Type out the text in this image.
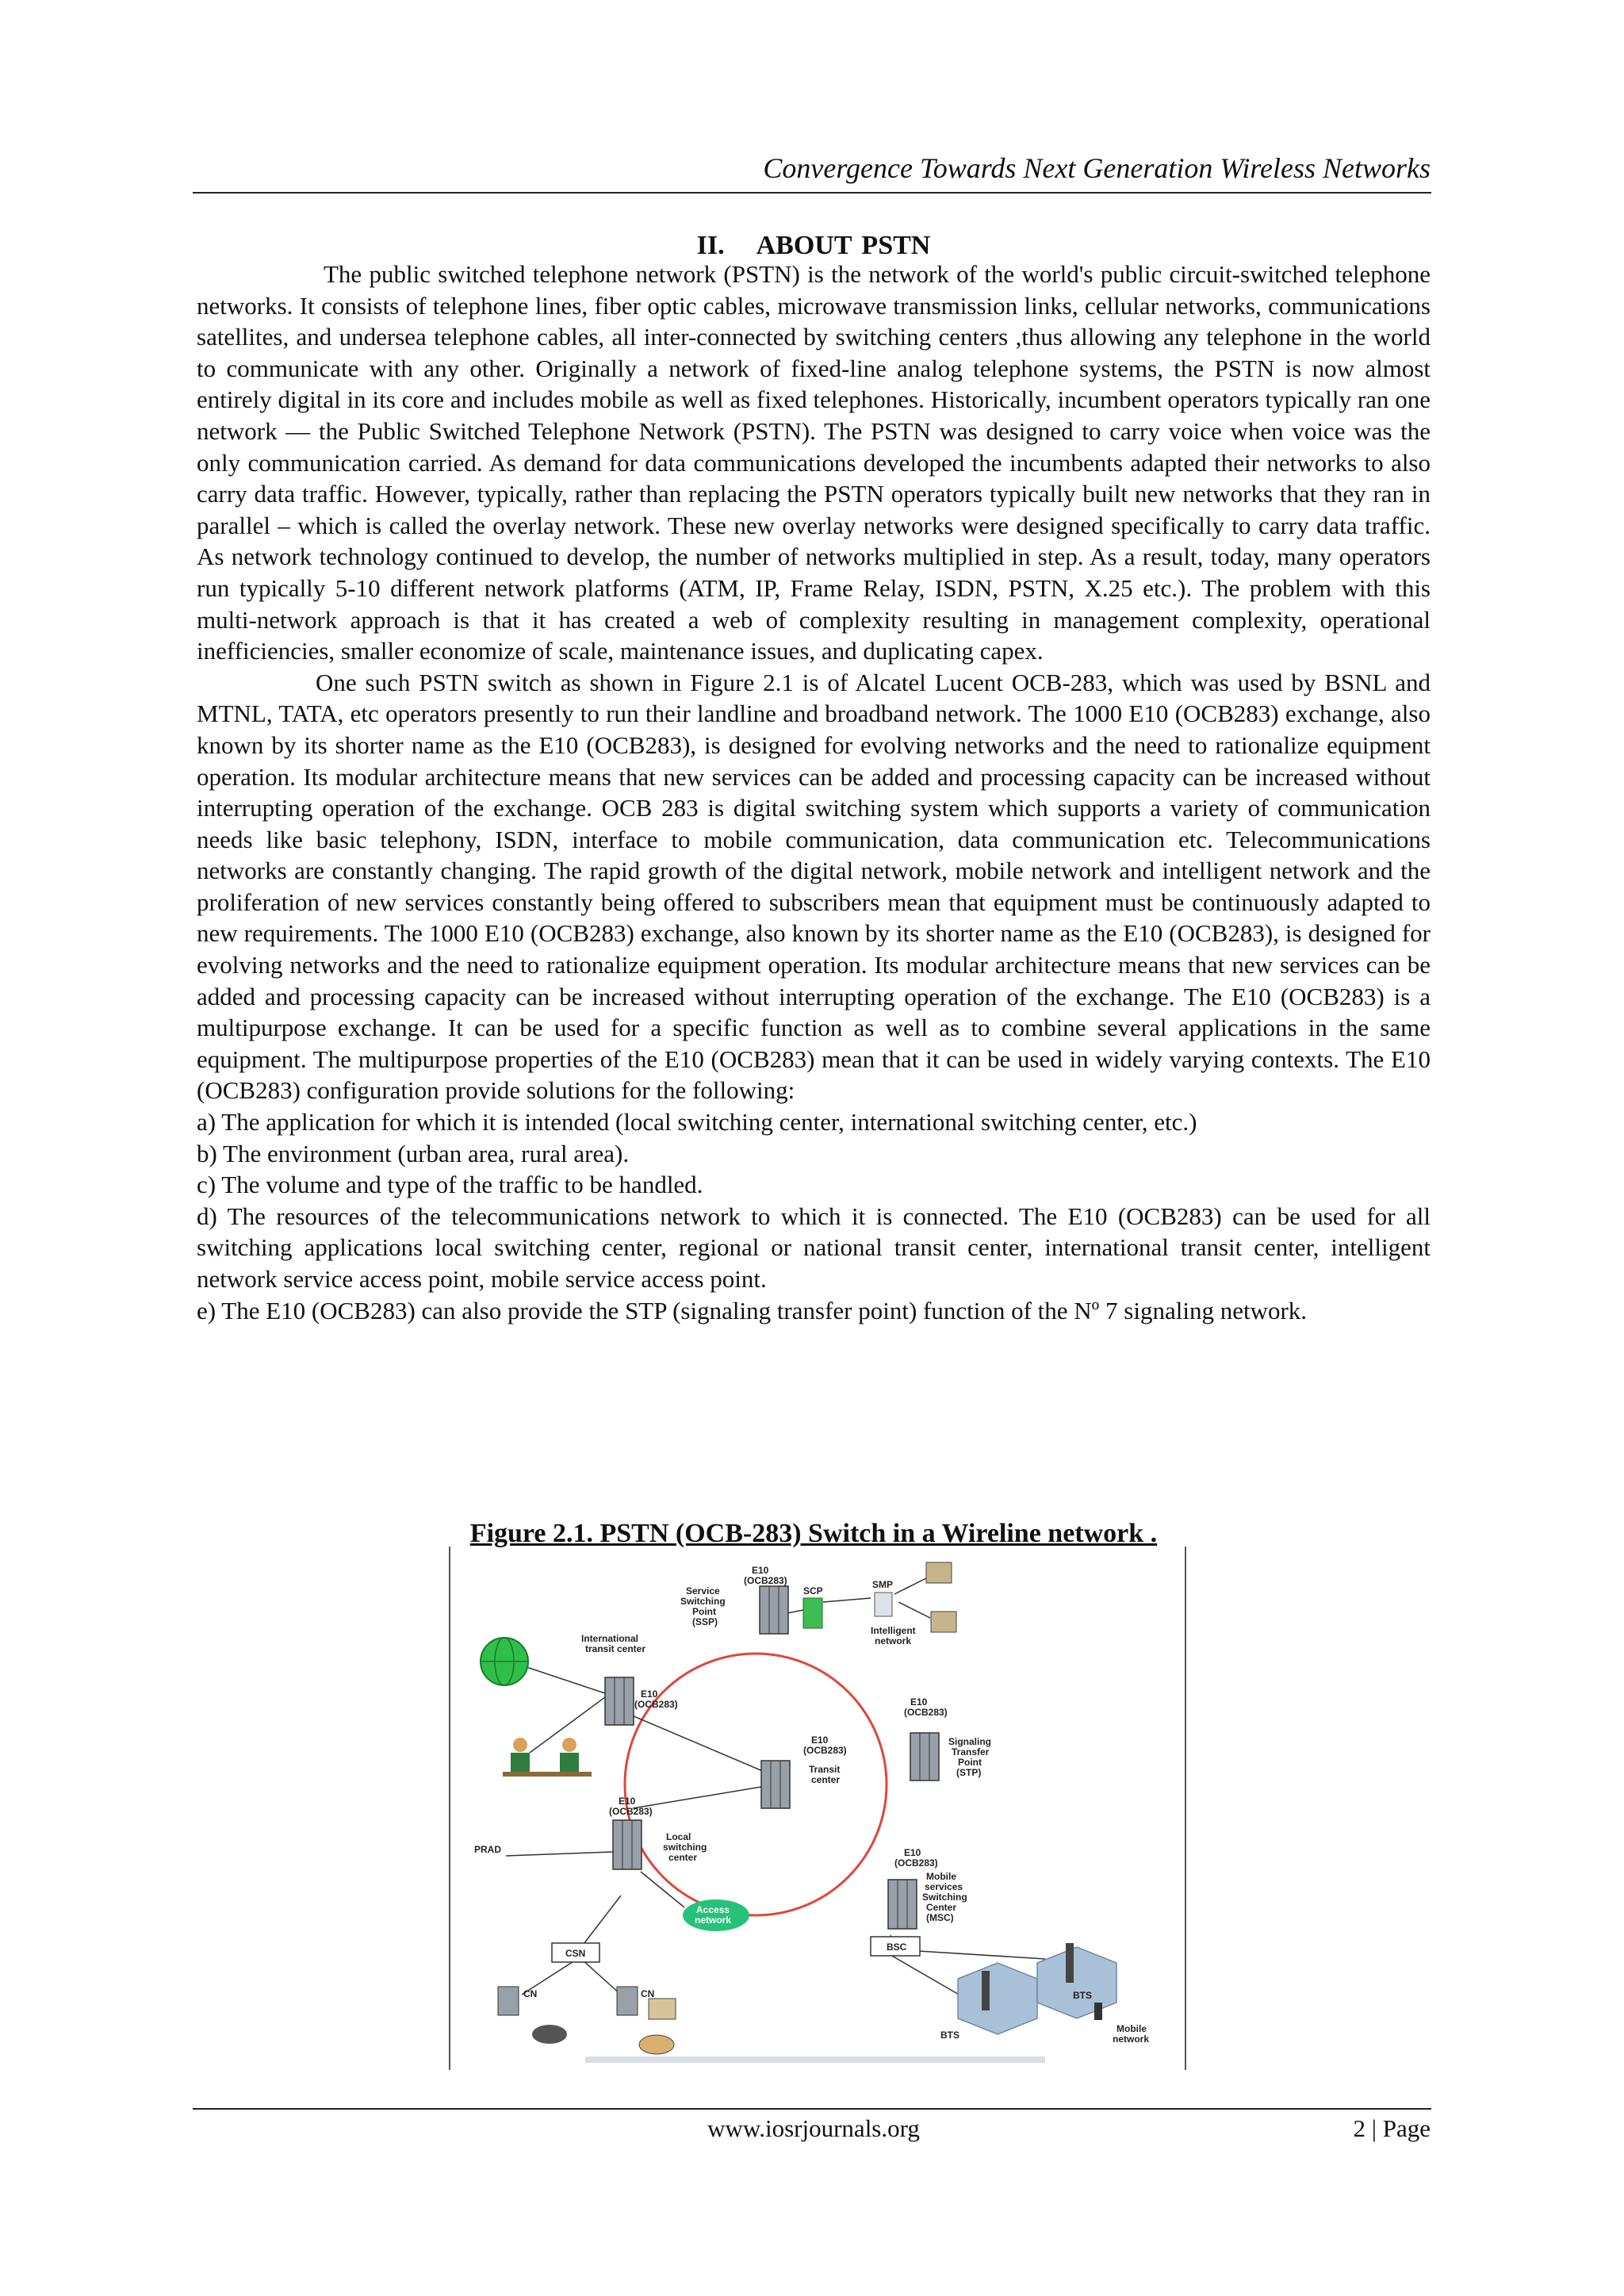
Convergence Towards Next Generation Wireless Networks
II. ABOUT PSTN

The public switched telephone network (PSTN) is the network of the world's public circuit-switched telephone networks. It consists of telephone lines, fiber optic cables, microwave transmission links, cellular networks, communications satellites, and undersea telephone cables, all inter-connected by switching centers ,thus allowing any telephone in the world to communicate with any other. Originally a network of fixed-line analog telephone systems, the PSTN is now almost entirely digital in its core and includes mobile as well as fixed telephones. Historically, incumbent operators typically ran one network — the Public Switched Telephone Network (PSTN). The PSTN was designed to carry voice when voice was the only communication carried. As demand for data communications developed the incumbents adapted their networks to also carry data traffic. However, typically, rather than replacing the PSTN operators typically built new networks that they ran in parallel – which is called the overlay network. These new overlay networks were designed specifically to carry data traffic. As network technology continued to develop, the number of networks multiplied in step. As a result, today, many operators run typically 5-10 different network platforms (ATM, IP, Frame Relay, ISDN, PSTN, X.25 etc.). The problem with this multi-network approach is that it has created a web of complexity resulting in management complexity, operational inefficiencies, smaller economize of scale, maintenance issues, and duplicating capex.

One such PSTN switch as shown in Figure 2.1 is of Alcatel Lucent OCB-283, which was used by BSNL and MTNL, TATA, etc operators presently to run their landline and broadband network. The 1000 E10 (OCB283) exchange, also known by its shorter name as the E10 (OCB283), is designed for evolving networks and the need to rationalize equipment operation. Its modular architecture means that new services can be added and processing capacity can be increased without interrupting operation of the exchange. OCB 283 is digital switching system which supports a variety of communication needs like basic telephony, ISDN, interface to mobile communication, data communication etc. Telecommunications networks are constantly changing. The rapid growth of the digital network, mobile network and intelligent network and the proliferation of new services constantly being offered to subscribers mean that equipment must be continuously adapted to new requirements. The 1000 E10 (OCB283) exchange, also known by its shorter name as the E10 (OCB283), is designed for evolving networks and the need to rationalize equipment operation. Its modular architecture means that new services can be added and processing capacity can be increased without interrupting operation of the exchange. The E10 (OCB283) is a multipurpose exchange. It can be used for a specific function as well as to combine several applications in the same equipment. The multipurpose properties of the E10 (OCB283) mean that it can be used in widely varying contexts. The E10 (OCB283) configuration provide solutions for the following:

a) The application for which it is intended (local switching center, international switching center, etc.)

b) The environment (urban area, rural area).

c) The volume and type of the traffic to be handled.

d) The resources of the telecommunications network to which it is connected. The E10 (OCB283) can be used for all switching applications local switching center, regional or national transit center, international transit center, intelligent network service access point, mobile service access point.

e) The E10 (OCB283) can also provide the STP (signaling transfer point) function of the Nº 7 signaling network.

Figure 2.1. PSTN (OCB-283) Switch in a Wireline network .
E10
(OCB283)
Service
Switching
Point
(SSP)
SCP
SMP
Intelligent
network
International
transit center
E10
(OCB283)	E10
(OCB283)
Signaling
Transfer
Point
(STP)
E10
(OCB283)
Transit
center
E10
(OCB283)
Mobile
services
Switching
Center
(MSC)
E10
(OCB283)
PRAD
Local
switching
center
Access
network
CSN
BSC
CN	CN
BTS
BTS
Mobile
network
www.iosrjournals.org	2 | Page
